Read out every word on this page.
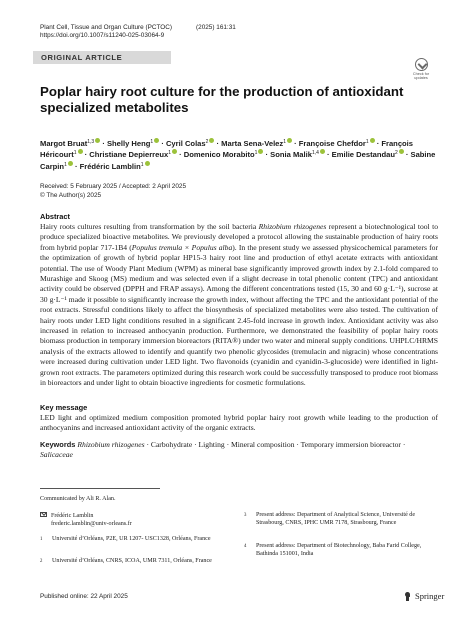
Plant Cell, Tissue and Organ Culture (PCTOC)	(2025) 161:31
https://doi.org/10.1007/s11240-025-03064-9
ORIGINAL ARTICLE
Check for updates
Poplar hairy root culture for the production of antioxidant specialized metabolites
Margot Bruat$^{1,3}$ · Shelly Heng$^1$ · Cyril Colas$^2$ · Marta Sena-Velez$^1$ · Françoise Chefdor$^1$ · François Héricourt$^1$ · Christiane Depierreux$^1$ · Domenico Morabito$^1$ · Sonia Malik$^{1,4}$ · Emilie Destandau$^2$ · Sabine Carpin$^1$ · Frédéric Lamblin$^1$
Received: 5 February 2025 / Accepted: 2 April 2025
© The Author(s) 2025
Abstract

Hairy roots cultures resulting from transformation by the soil bacteria Rhizobium rhizogenes represent a biotechnological tool to produce specialized bioactive metabolites. We previously developed a protocol allowing the sustainable production of hairy roots from hybrid poplar 717-1B4 (Populus tremula × Populus alba). In the present study we assessed physicochemical parameters for the optimization of growth of hybrid poplar HP15-3 hairy root line and production of ethyl acetate extracts with antioxidant potential. The use of Woody Plant Medium (WPM) as mineral base significantly improved growth index by 2.1-fold compared to Murashige and Skoog (MS) medium and was selected even if a slight decrease in total phenolic content (TPC) and antioxidant activity could be observed (DPPH and FRAP assays). Among the different concentrations tested (15, 30 and 60 g·L⁻¹), sucrose at 30 g·L⁻¹ made it possible to significantly increase the growth index, without affecting the TPC and the antioxidant potential of the root extracts. Stressful conditions likely to affect the biosynthesis of specialized metabolites were also tested. The cultivation of hairy roots under LED light conditions resulted in a significant 2.45-fold increase in growth index. Antioxidant activity was also increased in relation to increased anthocyanin production. Furthermore, we demonstrated the feasibility of poplar hairy roots biomass production in temporary immersion bioreactors (RITA®) under two water and mineral supply conditions. UHPLC/HRMS analysis of the extracts allowed to identify and quantify two phenolic glycosides (tremulacin and nigracin) whose concentrations were increased during cultivation under LED light. Two flavonoids (cyanidin and cyanidin-3-glucoside) were identified in light-grown root extracts. The parameters optimized during this research work could be successfully transposed to produce root biomass in bioreactors and under light to obtain bioactive ingredients for cosmetic formulations.

Key message

LED light and optimized medium composition promoted hybrid poplar hairy root growth while leading to the production of anthocyanins and increased antioxidant activity of the organic extracts.

Keywords Rhizobium rhizogenes · Carbohydrate · Lighting · Mineral composition · Temporary immersion bioreactor · Salicaceae
Communicated by Ali R. Alan.
Frédéric Lamblin
frederic.lamblin@univ-orleans.fr
1	Université d’Orléans, P2E, UR 1207- USC1328, Orléans, France
2	Université d’Orléans, CNRS, ICOA, UMR 7311, Orléans, France
3	Present address: Department of Analytical Science, Université de Strasbourg, CNRS, IPHC UMR 7178, Strasbourg, France
4	Present address: Department of Biotechnology, Baba Farid College, Bathinda 151001, India
Published online: 22 April 2025	Springer
